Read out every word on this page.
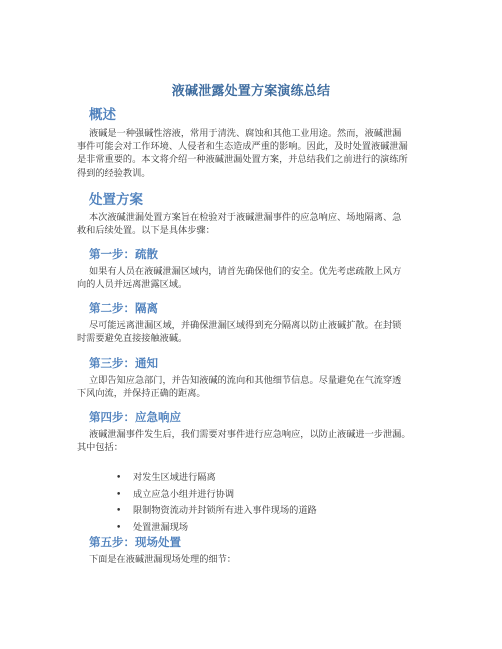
液碱泄露处置方案演练总结
概述
液碱是一种强碱性溶液，常用于清洗、腐蚀和其他工业用途。然而，液碱泄漏
事件可能会对工作环境、人侵者和生态造成严重的影响。因此，及时处置液碱泄漏
是非常重要的。本文将介绍一种液碱泄漏处置方案，并总结我们之前进行的演练所
得到的经验教训。
处置方案
本次液碱泄漏处置方案旨在检验对于液碱泄漏事件的应急响应、场地隔离、急
救和后续处置。以下是具体步骤：
第一步：疏散
如果有人员在液碱泄漏区域内，请首先确保他们的安全。优先考虑疏散上风方
向的人员并远离泄露区域。
第二步：隔离
尽可能远离泄漏区域，并确保泄漏区域得到充分隔离以防止液碱扩散。在封锁
时需要避免直接接触液碱。
第三步：通知
立即告知应急部门，并告知液碱的流向和其他细节信息。尽量避免在气流穿透
下风向流，并保持正确的距离。
第四步：应急响应
液碱泄漏事件发生后，我们需要对事件进行应急响应，以防止液碱进一步泄漏。
其中包括：
• 对发生区域进行隔离
• 成立应急小组并进行协调
• 限制物资流动并封锁所有进入事件现场的道路
• 处置泄漏现场
第五步：现场处置
下面是在液碱泄漏现场处理的细节：
